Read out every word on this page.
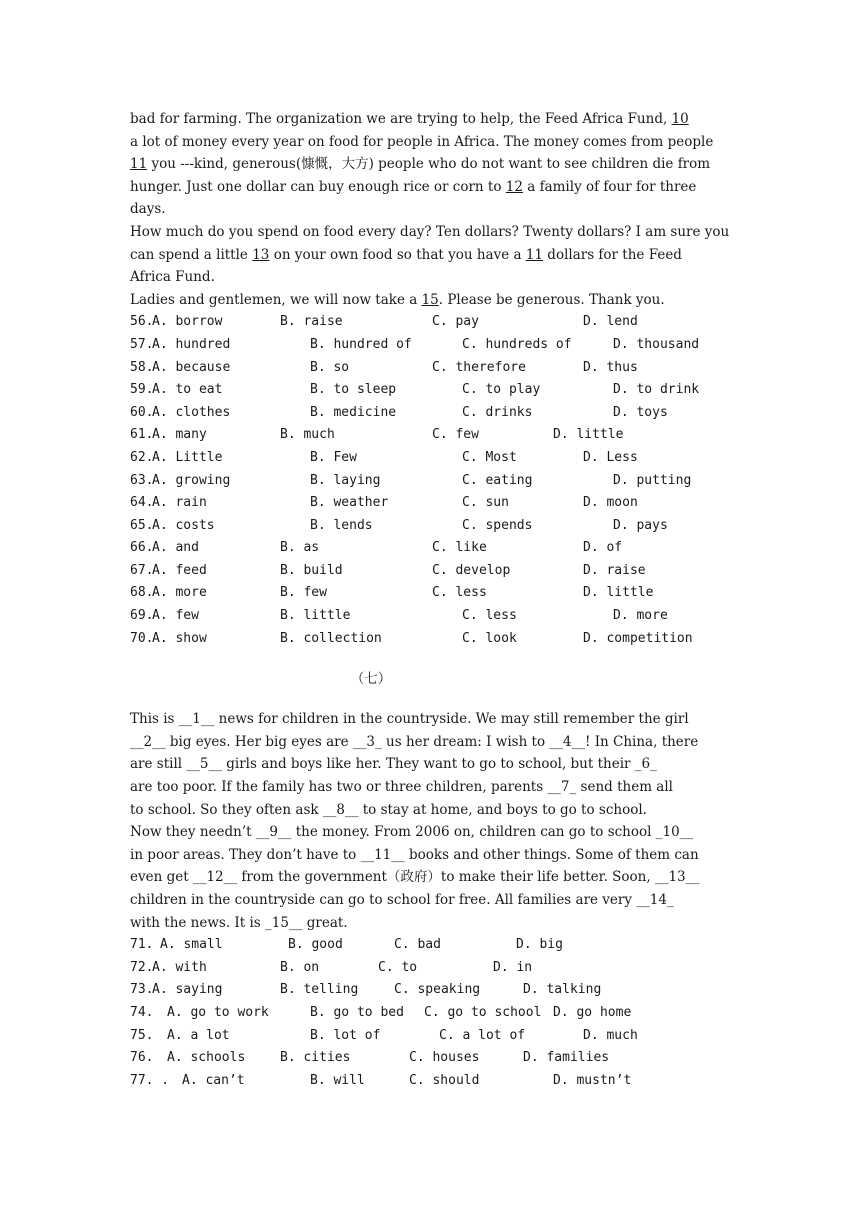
bad for farming. The organization we are trying to help, the Feed Africa Fund, 10

a lot of money every year on food for people in Africa. The money comes from people

11 you ---kind, generous(慷慨，大方) people who do not want to see children die from

hunger. Just one dollar can buy enough rice or corn to 12 a family of four for three

days.

How much do you spend on food every day? Ten dollars? Twenty dollars? I am sure you

can spend a little 13 on your own food so that you have a 11 dollars for the Feed

Africa Fund.

Ladies and gentlemen, we will now take a 15. Please be generous. Thank you.

56.
A. borrow	B. raise	C. pay	D. lend
57.
A. hundred	B. hundred of	C. hundreds of	D. thousand
58.
A. because	B. so	C. therefore	D. thus
59.
A. to eat	B. to sleep	C. to play	D. to drink
60.
A. clothes	B. medicine	C. drinks	D. toys
61.
A. many	B. much	C. few	D. little
62.
A. Little	B. Few	C. Most	D. Less
63.
A. growing	B. laying	C. eating	D. putting
64.
A. rain	B. weather	C. sun	D. moon
65.
A. costs	B. lends	C. spends	D. pays
66.
A. and	B. as	C. like	D. of
67.
A. feed	B. build	C. develop	D. raise
68.
A. more	B. few	C. less	D. little
69.
A. few	B. little	C. less	D. more
70.
A. show	B. collection	C. look	D. competition
（七）

This is __1__ news for children in the countryside. We may still remember the girl

__2__ big eyes. Her big eyes are __3_ us her dream: I wish to __4__! In China, there

are still __5__ girls and boys like her. They want to go to school, but their _6_

are too poor. If the family has two or three children, parents __7_ send them all

to school. So they often ask __8__ to stay at home, and boys to go to school.

Now they needn’t __9__ the money. From 2006 on, children can go to school _10__

in poor areas. They don’t have to __11__ books and other things. Some of them can

even get __12__ from the government（政府）to make their life better. Soon, __13__

children in the countryside can go to school for free. All families are very __14_

with the news. It is _15__ great.

71. A. small	B. good	C. bad	D. big
72.
A. with	B. on	C. to	D. in
73.
A. saying	B. telling	C. speaking	D. talking
74. A. go to work	B. go to bed C. go to school D. go home
75. A. a lot	B. lot of	C. a lot of	D. much
76. A. schools	B. cities	C. houses	D. families
77. . A. can’t	B. will	C. should	D. mustn’t
